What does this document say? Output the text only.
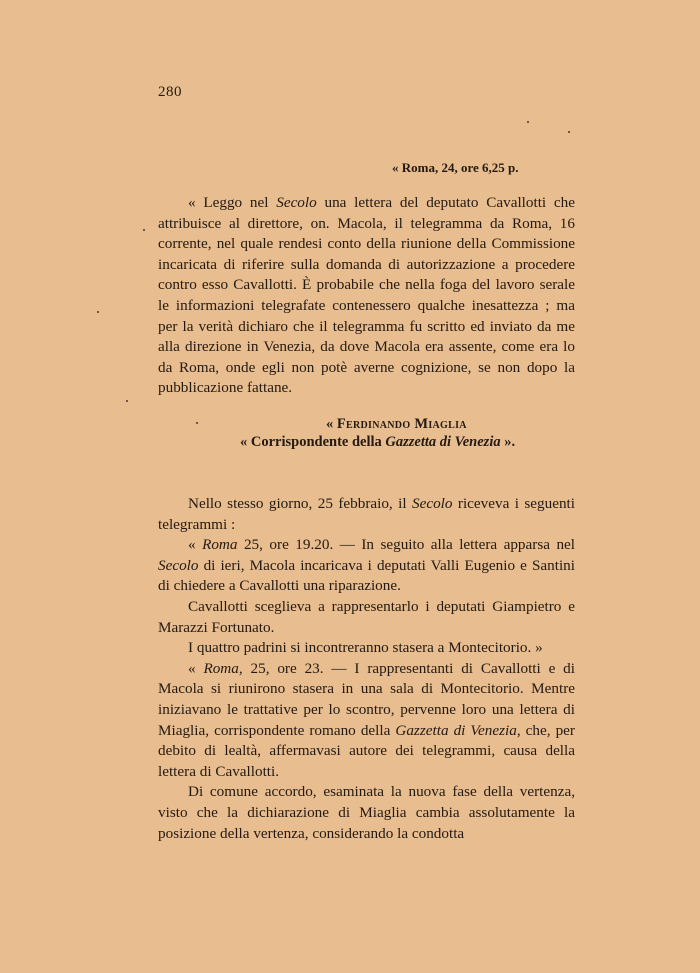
280
« Roma, 24, ore 6,25 p.

« Leggo nel Secolo una lettera del deputato Cavallotti che attribuisce al direttore, on. Macola, il telegramma da Roma, 16 corrente, nel quale rendesi conto della riunione della Commissione incaricata di riferire sulla domanda di autorizzazione a procedere contro esso Cavallotti. È probabile che nella foga del lavoro serale le informazioni telegrafate contenessero qualche inesattezza ; ma per la verità dichiaro che il telegramma fu scritto ed inviato da me alla direzione in Venezia, da dove Macola era assente, come era lo da Roma, onde egli non potè averne cognizione, se non dopo la pubblicazione fattane.

« Ferdinando Miaglia
« Corrispondente della Gazzetta di Venezia ».

Nello stesso giorno, 25 febbraio, il Secolo riceveva i seguenti telegrammi :

« Roma 25, ore 19.20. — In seguito alla lettera apparsa nel Secolo di ieri, Macola incaricava i deputati Valli Eugenio e Santini di chiedere a Cavallotti una riparazione.

Cavallotti sceglieva a rappresentarlo i deputati Giampietro e Marazzi Fortunato.

I quattro padrini si incontreranno stasera a Montecitorio. »

« Roma, 25, ore 23. — I rappresentanti di Cavallotti e di Macola si riunirono stasera in una sala di Montecitorio. Mentre iniziavano le trattative per lo scontro, pervenne loro una lettera di Miaglia, corrispondente romano della Gazzetta di Venezia, che, per debito di lealtà, affermavasi autore dei telegrammi, causa della lettera di Cavallotti.

Di comune accordo, esaminata la nuova fase della vertenza, visto che la dichiarazione di Miaglia cambia assolutamente la posizione della vertenza, considerando la condotta
